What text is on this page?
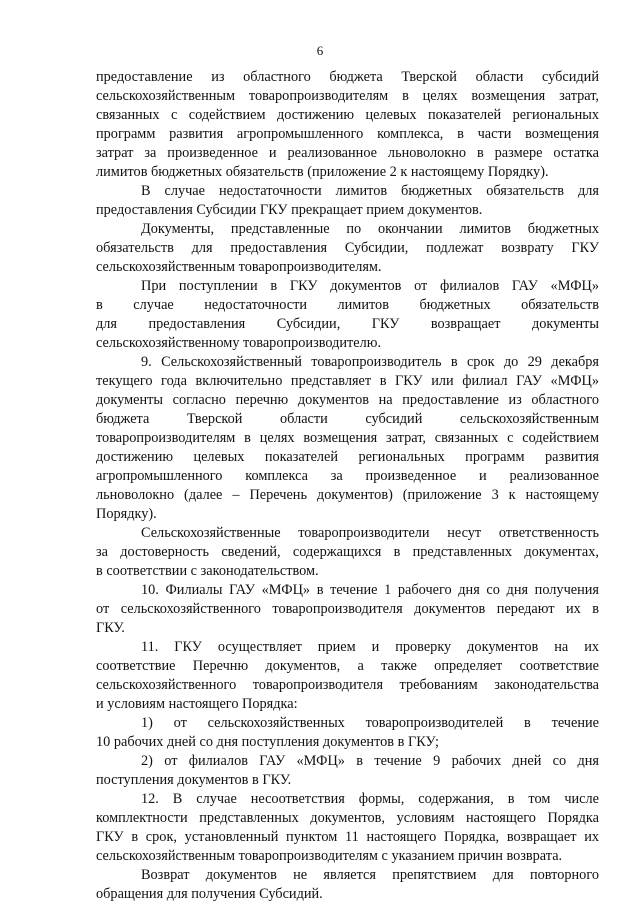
6
предоставление из областного бюджета Тверской области субсидий
сельскохозяйственным товаропроизводителям в целях возмещения затрат,
связанных с содействием достижению целевых показателей региональных
программ развития агропромышленного комплекса, в части возмещения
затрат за произведенное и реализованное льноволокно в размере остатка
лимитов бюджетных обязательств (приложение 2 к настоящему Порядку).
В случае недостаточности лимитов бюджетных обязательств для
предоставления Субсидии ГКУ прекращает прием документов.
Документы, представленные по окончании лимитов бюджетных
обязательств для предоставления Субсидии, подлежат возврату ГКУ
сельскохозяйственным товаропроизводителям.
При поступлении в ГКУ документов от филиалов ГАУ «МФЦ»
в случае недостаточности лимитов бюджетных обязательств
для предоставления Субсидии, ГКУ возвращает документы
сельскохозяйственному товаропроизводителю.
9. Сельскохозяйственный товаропроизводитель в срок до 29 декабря
текущего года включительно представляет в ГКУ или филиал ГАУ «МФЦ»
документы согласно перечню документов на предоставление из областного
бюджета Тверской области субсидий сельскохозяйственным
товаропроизводителям в целях возмещения затрат, связанных с содействием
достижению целевых показателей региональных программ развития
агропромышленного комплекса за произведенное и реализованное
льноволокно (далее – Перечень документов) (приложение 3 к настоящему
Порядку).
Сельскохозяйственные товаропроизводители несут ответственность
за достоверность сведений, содержащихся в представленных документах,
в соответствии с законодательством.
10. Филиалы ГАУ «МФЦ» в течение 1 рабочего дня со дня получения
от сельскохозяйственного товаропроизводителя документов передают их в
ГКУ.
11. ГКУ осуществляет прием и проверку документов на их
соответствие Перечню документов, а также определяет соответствие
сельскохозяйственного товаропроизводителя требованиям законодательства
и условиям настоящего Порядка:
1) от сельскохозяйственных товаропроизводителей в течение
10 рабочих дней со дня поступления документов в ГКУ;
2) от филиалов ГАУ «МФЦ» в течение 9 рабочих дней со дня
поступления документов в ГКУ.
12. В случае несоответствия формы, содержания, в том числе
комплектности представленных документов, условиям настоящего Порядка
ГКУ в срок, установленный пунктом 11 настоящего Порядка, возвращает их
сельскохозяйственным товаропроизводителям с указанием причин возврата.
Возврат документов не является препятствием для повторного
обращения для получения Субсидий.
